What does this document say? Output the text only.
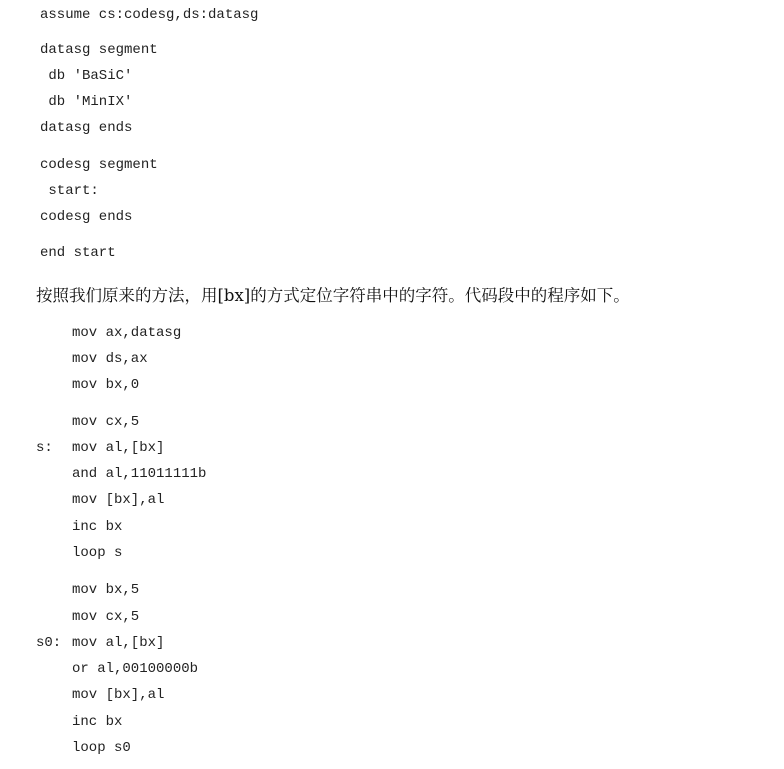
assume cs:codesg,ds:datasg
datasg segment
db 'BaSiC'
db 'MinIX'
datasg ends
codesg segment
start:
codesg ends
end start
按照我们原来的方法，用[bx]的方式定位字符串中的字符。代码段中的程序如下。
mov ax,datasg
mov ds,ax
mov bx,0
mov cx,5
s: mov al,[bx]
and al,11011111b
mov [bx],al
inc bx
loop s
mov bx,5
mov cx,5
s0: mov al,[bx]
or al,00100000b
mov [bx],al
inc bx
loop s0
